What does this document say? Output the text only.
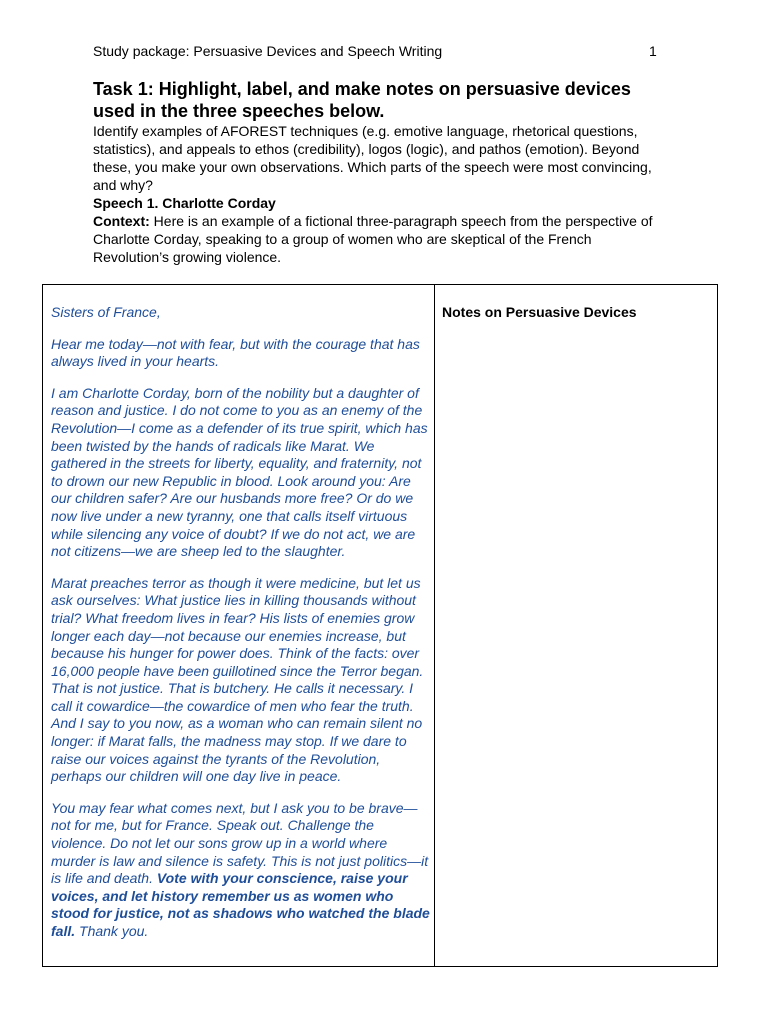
Study package: Persuasive Devices and Speech Writing	1
Task 1: Highlight, label, and make notes on persuasive devices used in the three speeches below.

Identify examples of AFOREST techniques (e.g. emotive language, rhetorical questions, statistics), and appeals to ethos (credibility), logos (logic), and pathos (emotion). Beyond these, you make your own observations. Which parts of the speech were most convincing, and why?

Speech 1. Charlotte Corday

Context: Here is an example of a fictional three-paragraph speech from the perspective of Charlotte Corday, speaking to a group of women who are skeptical of the French Revolution’s growing violence.

Sisters of France,

Hear me today—not with fear, but with the courage that has always lived in your hearts.

I am Charlotte Corday, born of the nobility but a daughter of reason and justice. I do not come to you as an enemy of the Revolution—I come as a defender of its true spirit, which has been twisted by the hands of radicals like Marat. We gathered in the streets for liberty, equality, and fraternity, not to drown our new Republic in blood. Look around you: Are our children safer? Are our husbands more free? Or do we now live under a new tyranny, one that calls itself virtuous while silencing any voice of doubt? If we do not act, we are not citizens—we are sheep led to the slaughter.

Marat preaches terror as though it were medicine, but let us ask ourselves: What justice lies in killing thousands without trial? What freedom lives in fear? His lists of enemies grow longer each day—not because our enemies increase, but because his hunger for power does. Think of the facts: over 16,000 people have been guillotined since the Terror began. That is not justice. That is butchery. He calls it necessary. I call it cowardice—the cowardice of men who fear the truth. And I say to you now, as a woman who can remain silent no longer: if Marat falls, the madness may stop. If we dare to raise our voices against the tyrants of the Revolution, perhaps our children will one day live in peace.

You may fear what comes next, but I ask you to be brave—not for me, but for France. Speak out. Challenge the violence. Do not let our sons grow up in a world where murder is law and silence is safety. This is not just politics—it is life and death. Vote with your conscience, raise your voices, and let history remember us as women who stood for justice, not as shadows who watched the blade fall. Thank you.

Notes on Persuasive Devices
